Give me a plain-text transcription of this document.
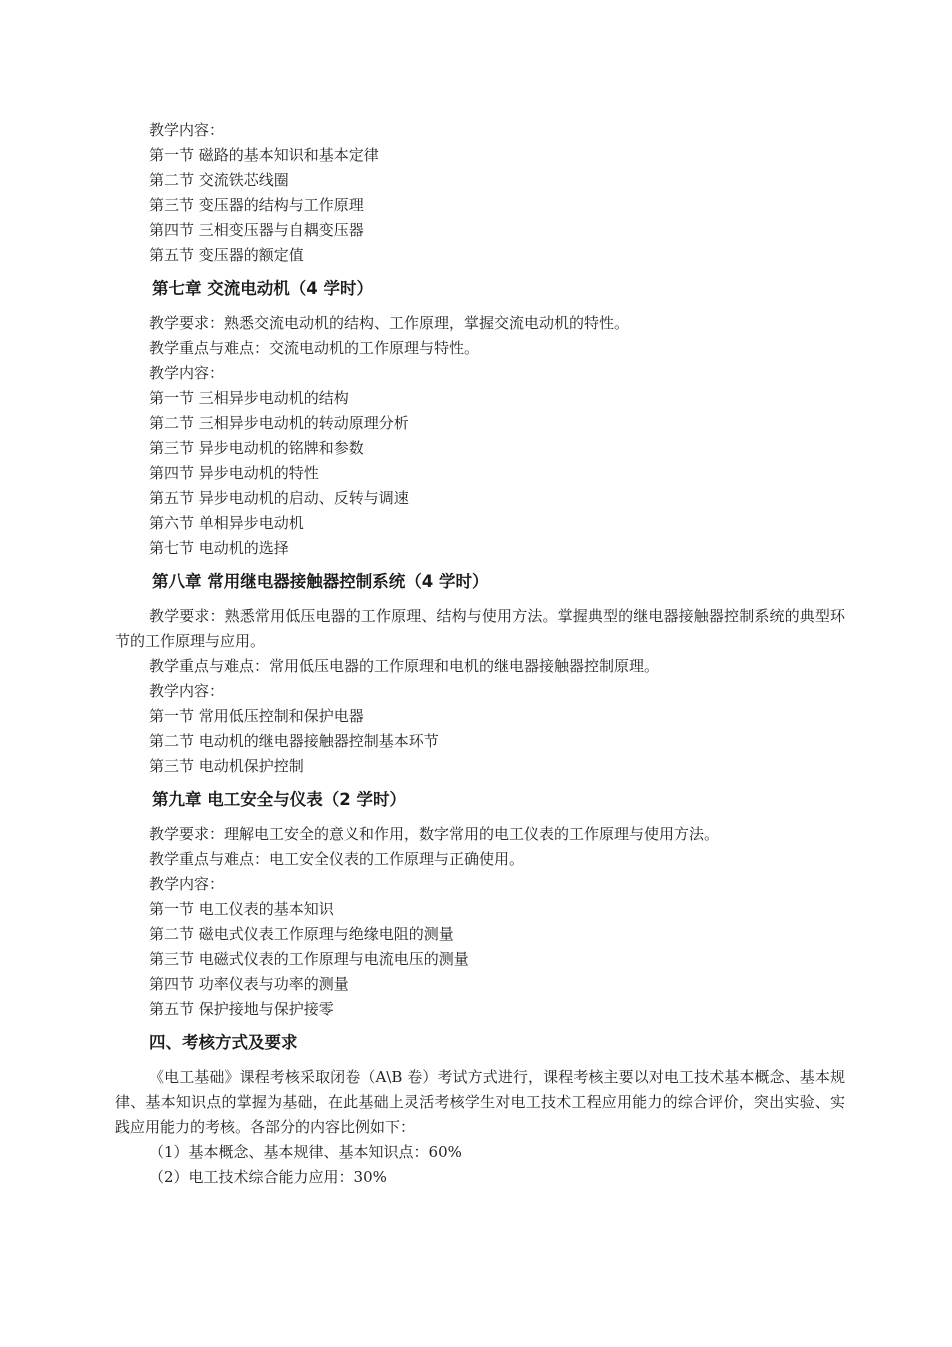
教学内容：
第一节 磁路的基本知识和基本定律
第二节 交流铁芯线圈
第三节 变压器的结构与工作原理
第四节 三相变压器与自耦变压器
第五节 变压器的额定值
第七章 交流电动机（4 学时）
教学要求：熟悉交流电动机的结构、工作原理，掌握交流电动机的特性。
教学重点与难点：交流电动机的工作原理与特性。
教学内容：
第一节 三相异步电动机的结构
第二节 三相异步电动机的转动原理分析
第三节 异步电动机的铭牌和参数
第四节 异步电动机的特性
第五节 异步电动机的启动、反转与调速
第六节 单相异步电动机
第七节 电动机的选择
第八章 常用继电器接触器控制系统（4 学时）
教学要求：熟悉常用低压电器的工作原理、结构与使用方法。掌握典型的继电器接触器控制系统的典型环节的工作原理与应用。
教学重点与难点：常用低压电器的工作原理和电机的继电器接触器控制原理。
教学内容：
第一节 常用低压控制和保护电器
第二节 电动机的继电器接触器控制基本环节
第三节 电动机保护控制
第九章 电工安全与仪表（2 学时）
教学要求：理解电工安全的意义和作用，数字常用的电工仪表的工作原理与使用方法。
教学重点与难点：电工安全仪表的工作原理与正确使用。
教学内容：
第一节 电工仪表的基本知识
第二节 磁电式仪表工作原理与绝缘电阻的测量
第三节 电磁式仪表的工作原理与电流电压的测量
第四节 功率仪表与功率的测量
第五节 保护接地与保护接零
四、考核方式及要求
《电工基础》课程考核采取闭卷（A\B 卷）考试方式进行，课程考核主要以对电工技术基本概念、基本规律、基本知识点的掌握为基础，在此基础上灵活考核学生对电工技术工程应用能力的综合评价，突出实验、实践应用能力的考核。各部分的内容比例如下：
（1）基本概念、基本规律、基本知识点：60%
（2）电工技术综合能力应用：30%
